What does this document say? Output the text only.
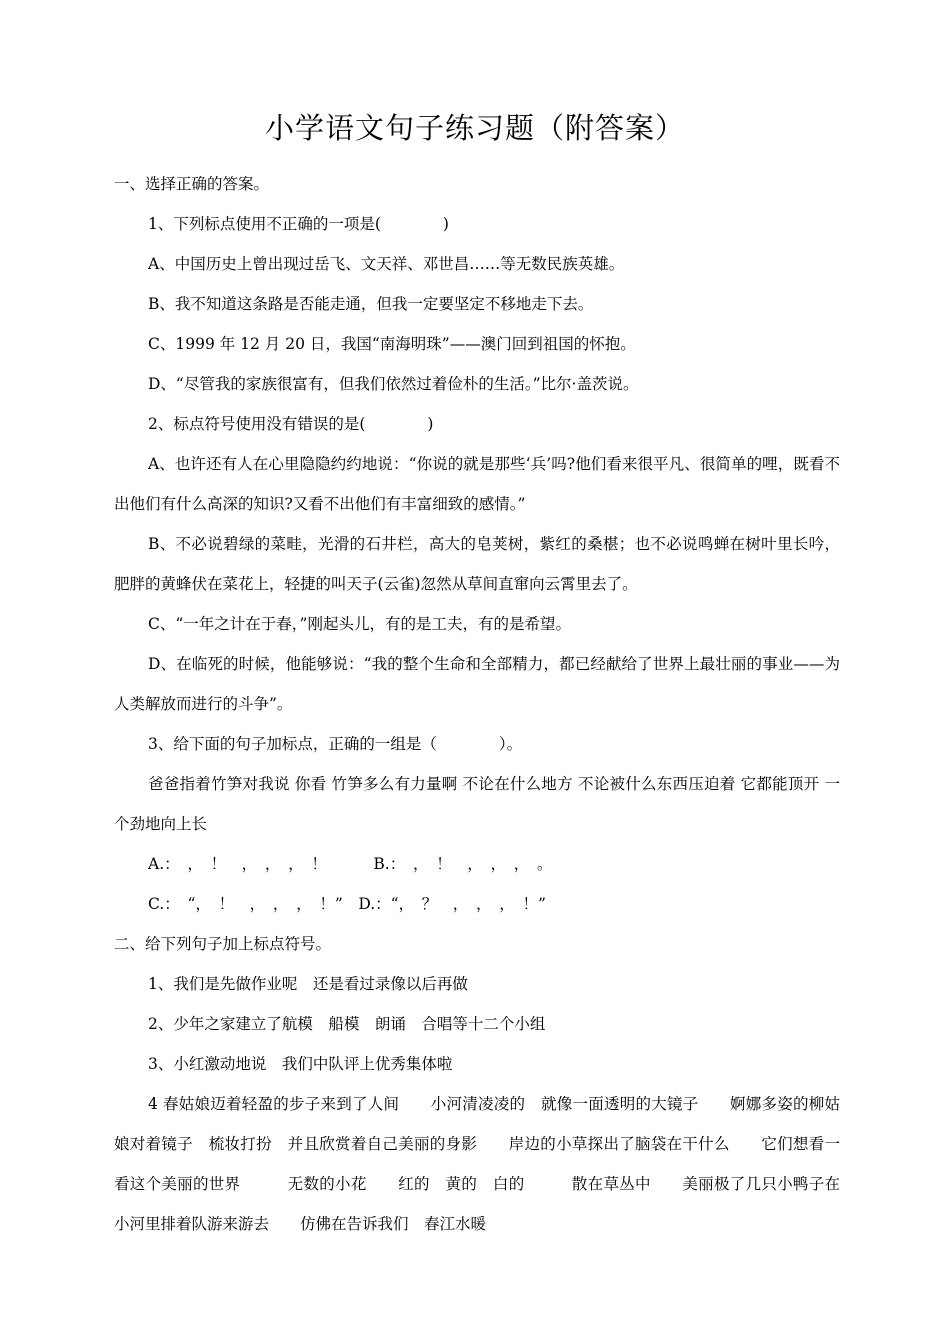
小学语文句子练习题（附答案）
一、选择正确的答案。
1、下列标点使用不正确的一项是(　　　　)
A、中国历史上曾出现过岳飞、文天祥、邓世昌……等无数民族英雄。
B、我不知道这条路是否能走通，但我一定要坚定不移地走下去。
C、1999 年 12 月 20 日，我国“南海明珠”——澳门回到祖国的怀抱。
D、“尽管我的家族很富有，但我们依然过着俭朴的生活。”比尔·盖茨说。
2、标点符号使用没有错误的是(　　　　)
A、也许还有人在心里隐隐约约地说：“你说的就是那些‘兵’吗?他们看来很平凡、很简单的哩，既看不出他们有什么高深的知识?又看不出他们有丰富细致的感情。”
B、不必说碧绿的菜畦，光滑的石井栏，高大的皂荚树，紫红的桑椹；也不必说鸣蝉在树叶里长吟，肥胖的黄蜂伏在菜花上，轻捷的叫天子(云雀)忽然从草间直窜向云霄里去了。
C、“一年之计在于春，”刚起头儿，有的是工夫，有的是希望。
D、在临死的时候，他能够说：“我的整个生命和全部精力，都已经献给了世界上最壮丽的事业——为人类解放而进行的斗争”。
3、给下面的句子加标点，正确的一组是（　　　　）。
爸爸指着竹笋对我说 你看 竹笋多么有力量啊 不论在什么地方 不论被什么东西压迫着 它都能顶开 一个劲地向上长
A.：　，　！　，　，　，　！　　　B.：　，　！　，　，　，　。
C.：　“，　！　，　，　，　！”　D.：“，　？　，　，　，　！”
二、给下列句子加上标点符号。
1、我们是先做作业呢　还是看过录像以后再做
2、少年之家建立了航模　船模　朗诵　合唱等十二个小组
3、小红激动地说　我们中队评上优秀集体啦
4 春姑娘迈着轻盈的步子来到了人间　　小河清凌凌的　就像一面透明的大镜子　　婀娜多姿的柳姑娘对着镜子　梳妆打扮　并且欣赏着自己美丽的身影　　岸边的小草探出了脑袋在干什么　　它们想看一看这个美丽的世界　　　无数的小花　　红的　黄的　白的　　　散在草丛中　　美丽极了几只小鸭子在小河里排着队游来游去　　仿佛在告诉我们　春江水暖
